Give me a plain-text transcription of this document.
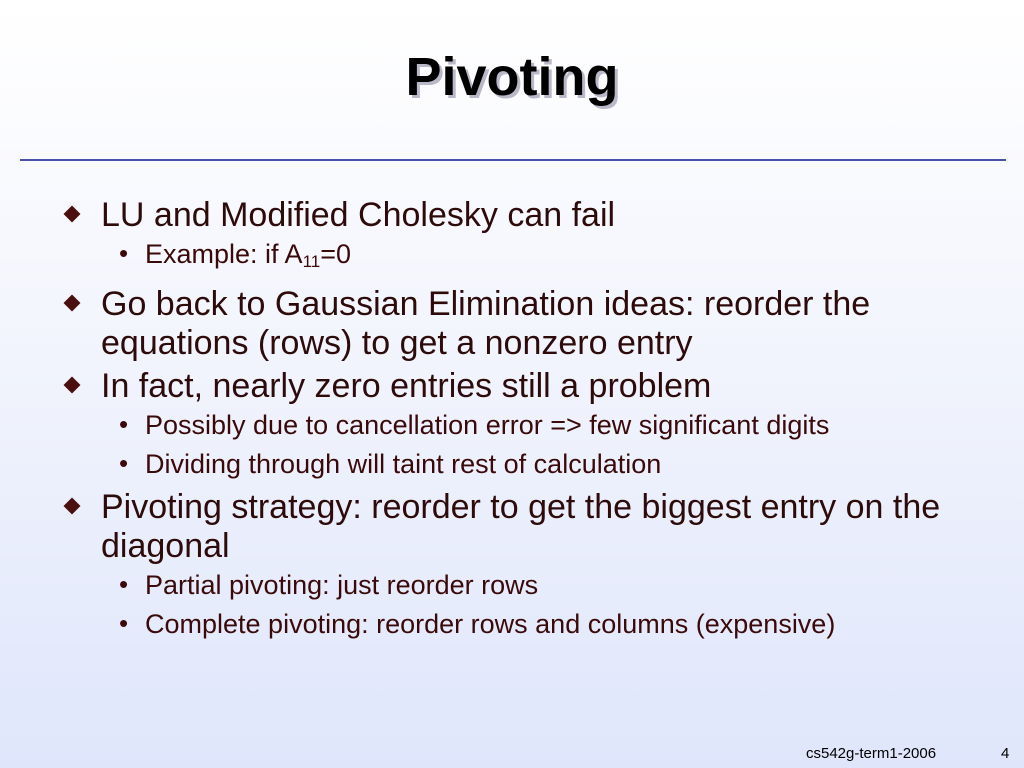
Pivoting
LU and Modified Cholesky can fail
• Example: if $A_{11}=0$
Go back to Gaussian Elimination ideas: reorder the equations (rows) to get a nonzero entry
In fact, nearly zero entries still a problem
• Possibly due to cancellation error => few significant digits
• Dividing through will taint rest of calculation
Pivoting strategy: reorder to get the biggest entry on the diagonal
• Partial pivoting: just reorder rows
• Complete pivoting: reorder rows and columns (expensive)
cs542g-term1-2006	4
